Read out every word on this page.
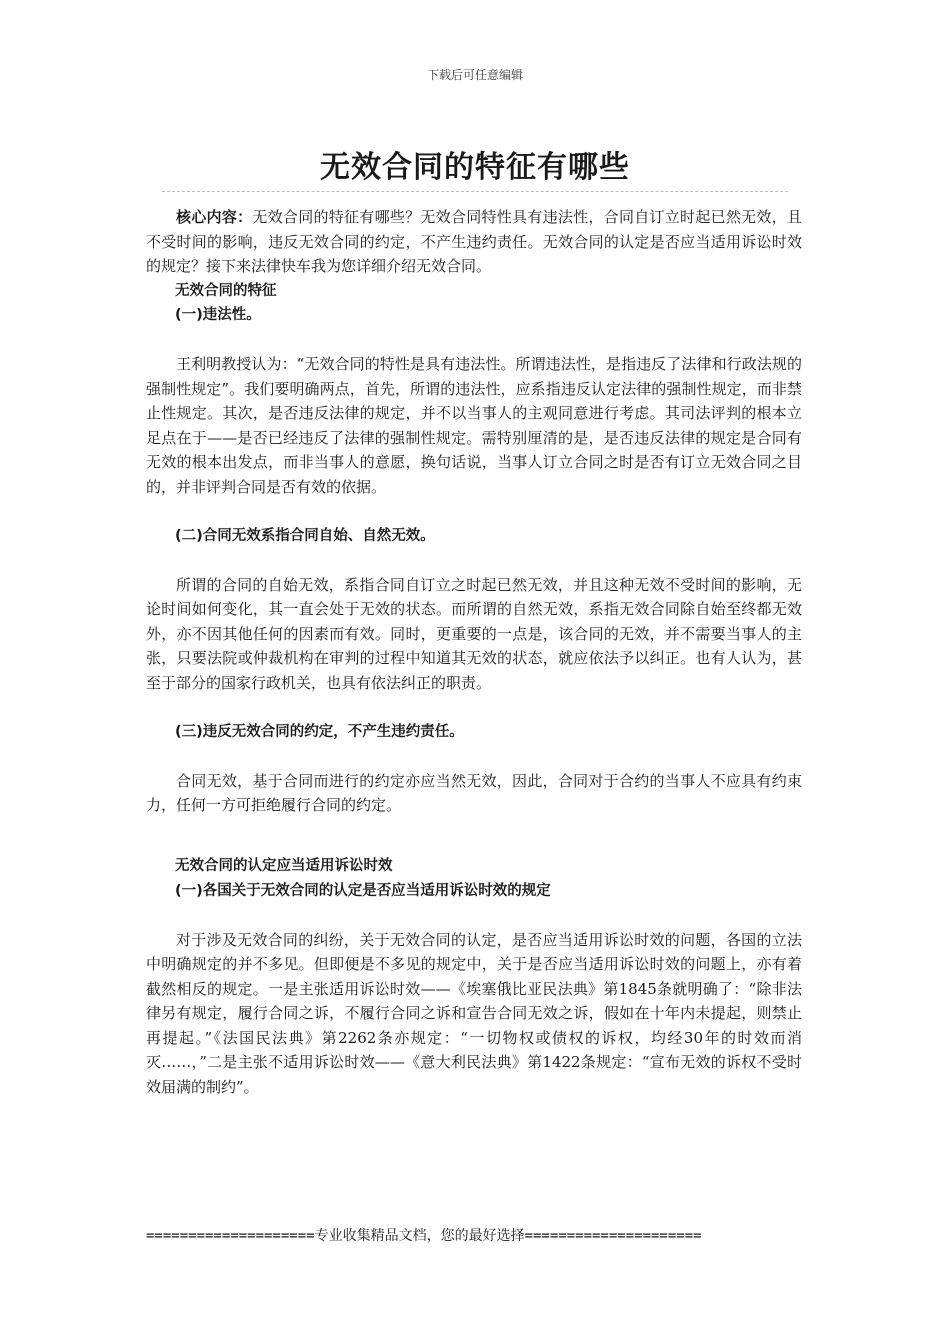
下载后可任意编辑
无效合同的特征有哪些

核心内容：无效合同的特征有哪些？无效合同特性具有违法性，合同自订立时起已然无效，且不受时间的影响，违反无效合同的约定，不产生违约责任。无效合同的认定是否应当适用诉讼时效的规定？接下来法律快车我为您详细介绍无效合同。

无效合同的特征

(一)违法性。

王利明教授认为：“无效合同的特性是具有违法性。所谓违法性，是指违反了法律和行政法规的强制性规定”。我们要明确两点，首先，所谓的违法性，应系指违反认定法律的强制性规定，而非禁止性规定。其次，是否违反法律的规定，并不以当事人的主观同意进行考虑。其司法评判的根本立足点在于——是否已经违反了法律的强制性规定。需特别厘清的是，是否违反法律的规定是合同有无效的根本出发点，而非当事人的意愿，换句话说，当事人订立合同之时是否有订立无效合同之目的，并非评判合同是否有效的依据。

(二)合同无效系指合同自始、自然无效。

所谓的合同的自始无效，系指合同自订立之时起已然无效，并且这种无效不受时间的影响，无论时间如何变化，其一直会处于无效的状态。而所谓的自然无效，系指无效合同除自始至终都无效外，亦不因其他任何的因素而有效。同时，更重要的一点是，该合同的无效，并不需要当事人的主张，只要法院或仲裁机构在审判的过程中知道其无效的状态，就应依法予以纠正。也有人认为，甚至于部分的国家行政机关，也具有依法纠正的职责。

(三)违反无效合同的约定，不产生违约责任。

合同无效，基于合同而进行的约定亦应当然无效，因此，合同对于合约的当事人不应具有约束力，任何一方可拒绝履行合同的约定。

无效合同的认定应当适用诉讼时效

(一)各国关于无效合同的认定是否应当适用诉讼时效的规定

对于涉及无效合同的纠纷，关于无效合同的认定，是否应当适用诉讼时效的问题，各国的立法中明确规定的并不多见。但即便是不多见的规定中，关于是否应当适用诉讼时效的问题上，亦有着截然相反的规定。一是主张适用诉讼时效——《埃塞俄比亚民法典》第1845条就明确了：“除非法律另有规定，履行合同之诉，不履行合同之诉和宣告合同无效之诉，假如在十年内未提起，则禁止再提起。”《法国民法典》第2262条亦规定：“一切物权或债权的诉权，均经30年的时效而消灭……，”二是主张不适用诉讼时效——《意大利民法典》第1422条规定：“宣布无效的诉权不受时效届满的制约”。

====================专业收集精品文档，您的最好选择=====================
